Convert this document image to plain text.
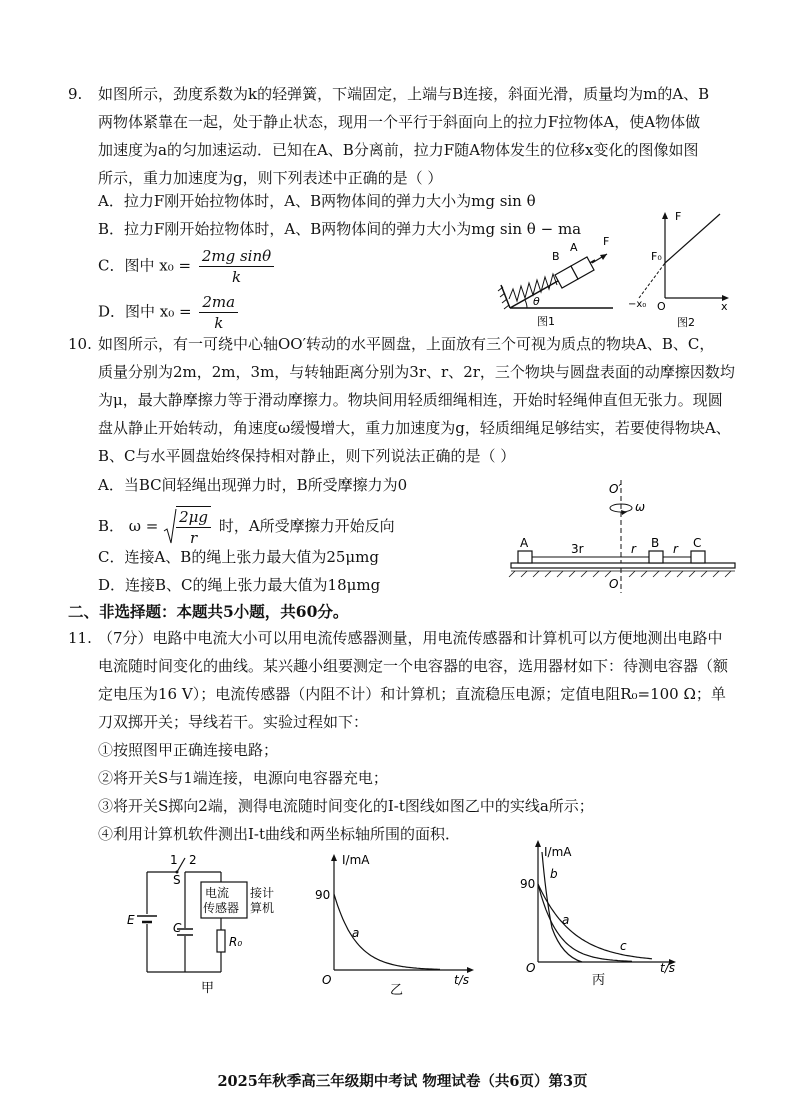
9. 如图所示，劲度系数为k的轻弹簧，下端固定，上端与B连接，斜面光滑，质量均为m的A、B

两物体紧靠在一起，处于静止状态，现用一个平行于斜面向上的拉力F拉物体A，使A物体做

加速度为a的匀加速运动．已知在A、B分离前，拉力F随A物体发生的位移x变化的图像如图

所示，重力加速度为g，则下列表述中正确的是（ ）

A．拉力F刚开始拉物体时，A、B两物体间的弹力大小为mg sin θ
B．拉力F刚开始拉物体时，A、B两物体间的弹力大小为mg sin θ − ma
C．图中 $x_0 = \frac{\text{2mg sinθ}}{k}$
D．图中 $x_0 = \frac{2ma}{k}$
B
A F
θ
图1
F
F₀
−x₀ O	x
图2

10. 如图所示，有一可绕中心轴OO′转动的水平圆盘，上面放有三个可视为质点的物块A、B、C，

质量分别为2m，2m，3m，与转轴距离分别为3r、r、2r，三个物块与圆盘表面的动摩擦因数均

为μ，最大静摩擦力等于滑动摩擦力。物块间用轻质细绳相连，开始时轻绳伸直但无张力。现圆

盘从静止开始转动，角速度ω缓慢增大，重力加速度为g，轻质细绳足够结实，若要使得物块A、

B、C与水平圆盘始终保持相对静止，则下列说法正确的是（ ）

A．当BC间轻绳出现弹力时，B所受摩擦力为0
B． $\omega = \frac{2\mu g}{r}$ 时，A所受摩擦力开始反向
C．连接A、B的绳上张力最大值为25μmg
D．连接B、C的绳上张力最大值为18μmg
O′
ω
A	B	C
3r	r	r
O
二、非选择题：本题共5小题，共60分。

11. （7分）电路中电流大小可以用电流传感器测量，用电流传感器和计算机可以方便地测出电路中

电流随时间变化的曲线。某兴趣小组要测定一个电容器的电容，选用器材如下：待测电容器（额

定电压为16 V）；电流传感器（内阻不计）和计算机；直流稳压电源；定值电阻R₀=100 Ω；单

刀双掷开关；导线若干。实验过程如下：

①按照图甲正确连接电路；

②将开关S与1端连接，电源向电容器充电；

③将开关S掷向2端，测得电流随时间变化的I-t图线如图乙中的实线a所示；

④利用计算机软件测出I-t曲线和两坐标轴所围的面积．

1 2
S
E
C
R₀
电流
传感器
接计
算机
甲
I/mA
90
a
O	t/s
乙
I/mA
90
b
a
c
O	t/s
丙
2025年秋季高三年级期中考试 物理试卷（共6页）第3页
